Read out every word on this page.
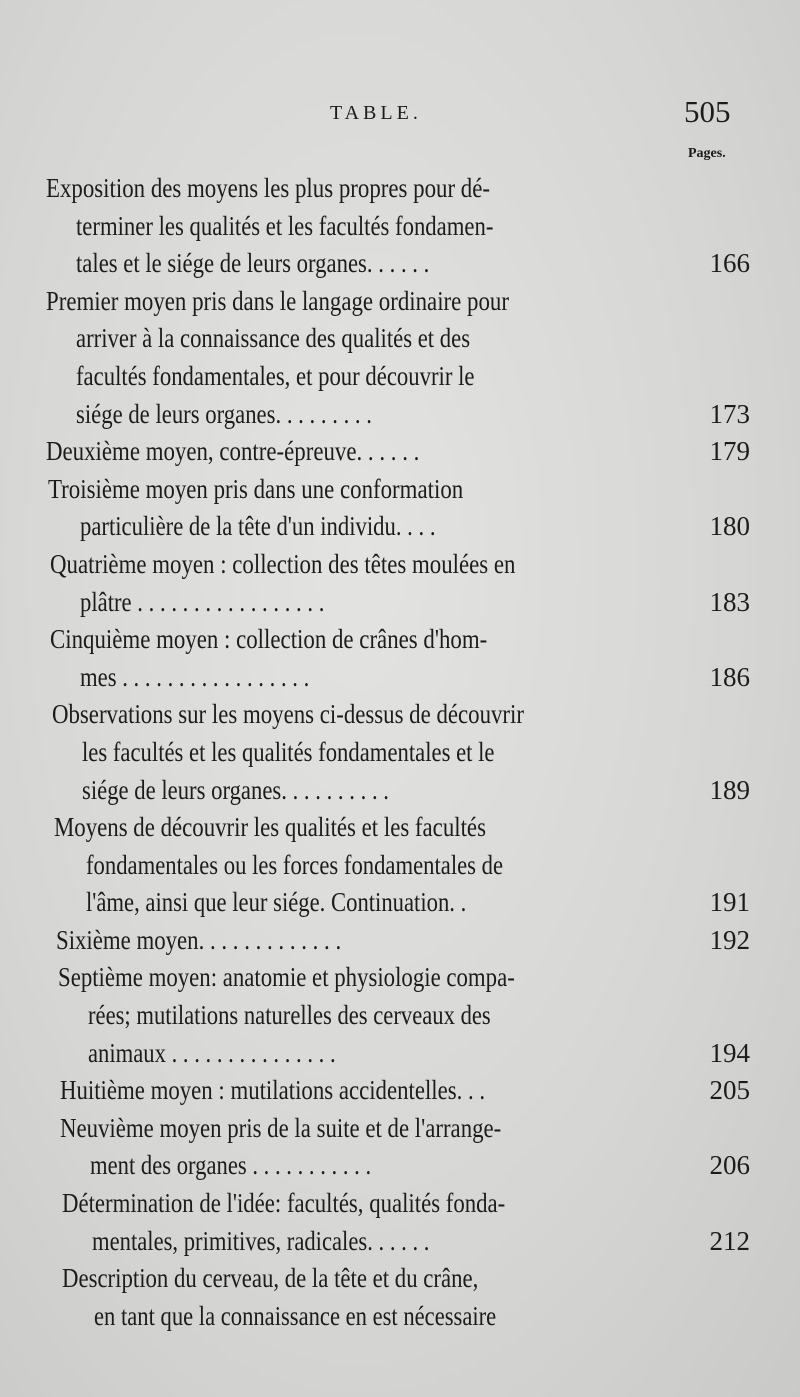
TABLE.	505
Pages.
Exposition des moyens les plus propres pour dé-
terminer les qualités et les facultés fondamen-
tales et le siége de leurs organes. . . . . .	166
Premier moyen pris dans le langage ordinaire pour
arriver à la connaissance des qualités et des
facultés fondamentales, et pour découvrir le
siége de leurs organes. . . . . . . . .	173
Deuxième moyen, contre-épreuve. . . . . .	179
Troisième moyen pris dans une conformation
particulière de la tête d'un individu. . . .	180
Quatrième moyen : collection des têtes moulées en
plâtre . . . . . . . . . . . . . . . . .	183
Cinquième moyen : collection de crânes d'hom-
mes . . . . . . . . . . . . . . . . .	186
Observations sur les moyens ci-dessus de découvrir
les facultés et les qualités fondamentales et le
siége de leurs organes. . . . . . . . . .	189
Moyens de découvrir les qualités et les facultés
fondamentales ou les forces fondamentales de
l'âme, ainsi que leur siége. Continuation. .	191
Sixième moyen. . . . . . . . . . . . .	192
Septième moyen: anatomie et physiologie compa-
rées; mutilations naturelles des cerveaux des
animaux . . . . . . . . . . . . . . .	194
Huitième moyen : mutilations accidentelles. . .	205
Neuvième moyen pris de la suite et de l'arrange-
ment des organes . . . . . . . . . . .	206
Détermination de l'idée: facultés, qualités fonda-
mentales, primitives, radicales. . . . . .	212
Description du cerveau, de la tête et du crâne,
en tant que la connaissance en est nécessaire
